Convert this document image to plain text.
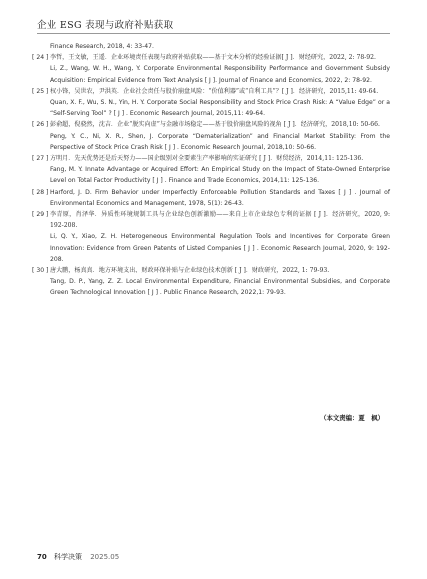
企业 ESG 表现与政府补贴获取

Finance Research, 2018, 4: 33-47.

[ 24 ] 李哲，王文敏，王遥．企业环境责任表现与政府补贴获取——基于文本分析的经验证据[ J ]．财经研究，2022, 2: 78-92.

Li, Z., Wang, W. H., Wang, Y. Corporate Environmental Responsibility Performance and Government Subsidy Acquisition: Empirical Evidence from Text Analysis [ J ]. Journal of Finance and Economics, 2022, 2: 78-92.

[ 25 ] 权小锋，吴世农，尹洪英．企业社会责任与股价崩盘风险：“价值利器”或“自利工具”？[ J ]．经济研究，2015,11: 49-64.

Quan, X. F., Wu, S. N., Yin, H. Y. Corporate Social Responsibility and Stock Price Crash Risk: A “Value Edge” or a “Self-Serving Tool” ? [ J ] . Economic Research Journal, 2015,11: 49-64.

[ 26 ] 彭俞超，倪骁然，沈吉．企业“脱实向虚”与金融市场稳定——基于股价崩盘风险的视角 [ J ]．经济研究，2018,10: 50-66.

Peng, Y. C., Ni, X. R., Shen, J. Corporate “Dematerialization” and Financial Market Stability: From the Perspective of Stock Price Crash Risk [ J ] . Economic Research Journal, 2018,10: 50-66.

[ 27 ] 方明月．先天优势还是后天努力——国企级别对全要素生产率影响的实证研究 [ J ]．财贸经济，2014,11: 125-136.

Fang, M. Y. Innate Advantage or Acquired Effort: An Empirical Study on the Impact of State-Owned Enterprise Level on Total Factor Productivity [ J ] . Finance and Trade Economics, 2014,11: 125-136.

[ 28 ] Harford, J. D. Firm Behavior under Imperfectly Enforceable Pollution Standards and Taxes [ J ] . Journal of Environmental Economics and Management, 1978, 5(1): 26-43.

[ 29 ] 李青原，肖泽华．异质性环境规制工具与企业绿色创新激励——来自上市企业绿色专利的证据 [ J ]．经济研究，2020, 9: 192-208.

Li, Q. Y., Xiao, Z. H. Heterogeneous Environmental Regulation Tools and Incentives for Corporate Green Innovation: Evidence from Green Patents of Listed Companies [ J ] . Economic Research Journal, 2020, 9: 192-208.

[ 30 ] 唐大鹏，杨真真．地方环境支出、财政环保补贴与企业绿色技术创新 [ J ]．财政研究，2022, 1: 79-93.

Tang, D. P., Yang, Z. Z. Local Environmental Expenditure, Financial Environmental Subsidies, and Corporate Green Technological Innovation [ J ] . Public Finance Research, 2022,1: 79-93.

（本文责编：夏　枫）
70 科学决策 2025.05
